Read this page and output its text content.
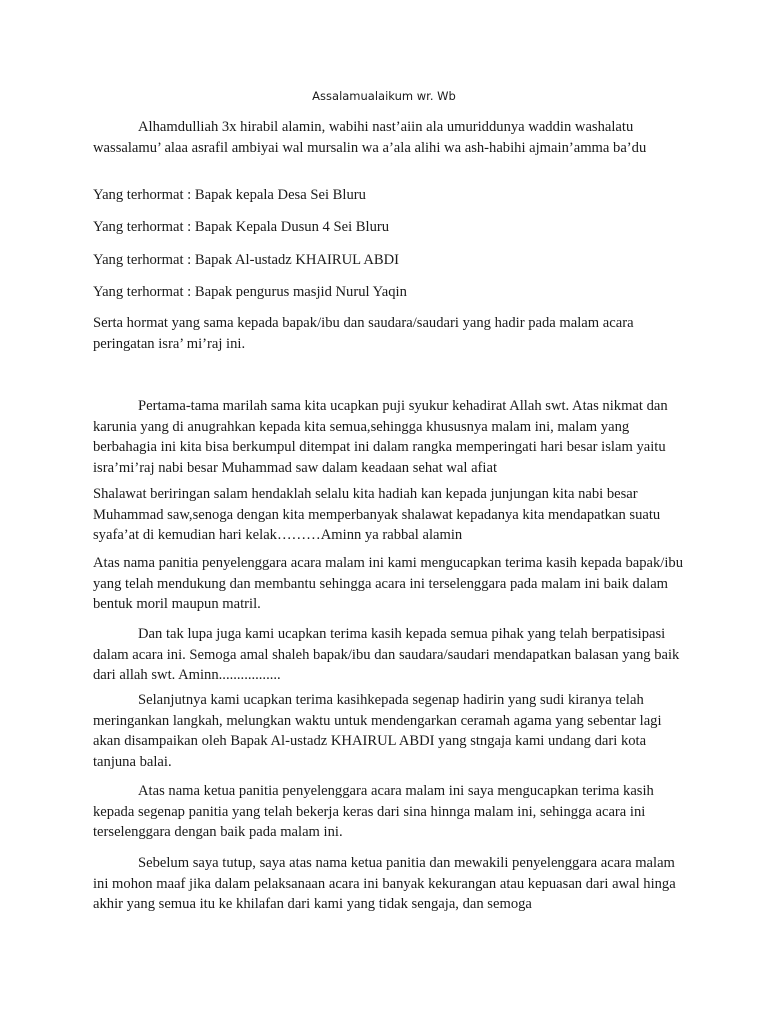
Assalamualaikum wr. Wb

Alhamdulliah 3x hirabil alamin, wabihi nast’aiin ala umuriddunya waddin washalatu wassalamu’ alaa asrafil ambiyai wal mursalin wa a’ala alihi wa ash-habihi ajmain’amma ba’du

Yang terhormat : Bapak kepala Desa Sei Bluru

Yang terhormat : Bapak Kepala Dusun 4 Sei Bluru

Yang terhormat : Bapak Al-ustadz KHAIRUL ABDI

Yang terhormat : Bapak pengurus masjid Nurul Yaqin

Serta hormat yang sama kepada bapak/ibu dan saudara/saudari yang hadir pada malam acara peringatan isra’ mi’raj ini.

Pertama-tama marilah sama kita ucapkan puji syukur kehadirat Allah swt. Atas nikmat dan karunia yang di anugrahkan kepada kita semua,sehingga khususnya malam ini, malam yang berbahagia ini kita bisa berkumpul ditempat ini dalam rangka memperingati hari besar islam yaitu isra’mi’raj nabi besar Muhammad saw dalam keadaan sehat wal afiat

Shalawat beriringan salam hendaklah selalu kita hadiah kan kepada junjungan kita nabi besar Muhammad saw,senoga dengan kita memperbanyak shalawat kepadanya kita mendapatkan suatu syafa’at di kemudian hari kelak………Aminn ya rabbal alamin

Atas nama panitia penyelenggara acara malam ini kami mengucapkan terima kasih kepada bapak/ibu yang telah mendukung dan membantu sehingga acara ini terselenggara pada malam ini baik dalam bentuk moril maupun matril.

Dan tak lupa juga kami ucapkan terima kasih kepada semua pihak yang telah berpatisipasi dalam acara ini. Semoga amal shaleh bapak/ibu dan saudara/saudari mendapatkan balasan yang baik dari allah swt. Aminn.................

Selanjutnya kami ucapkan terima kasihkepada segenap hadirin yang sudi kiranya telah meringankan langkah, melungkan waktu untuk mendengarkan ceramah agama yang sebentar lagi akan disampaikan oleh Bapak Al-ustadz KHAIRUL ABDI yang stngaja kami undang dari kota tanjuna balai.

Atas nama ketua panitia penyelenggara acara malam ini saya mengucapkan terima kasih kepada segenap panitia yang telah bekerja keras dari sina hinnga malam ini, sehingga acara ini terselenggara dengan baik pada malam ini.

Sebelum saya tutup, saya atas nama ketua panitia dan mewakili penyelenggara acara malam ini mohon maaf jika dalam pelaksanaan acara ini banyak kekurangan atau kepuasan dari awal hinga akhir yang semua itu ke khilafan dari kami yang tidak sengaja, dan semoga
